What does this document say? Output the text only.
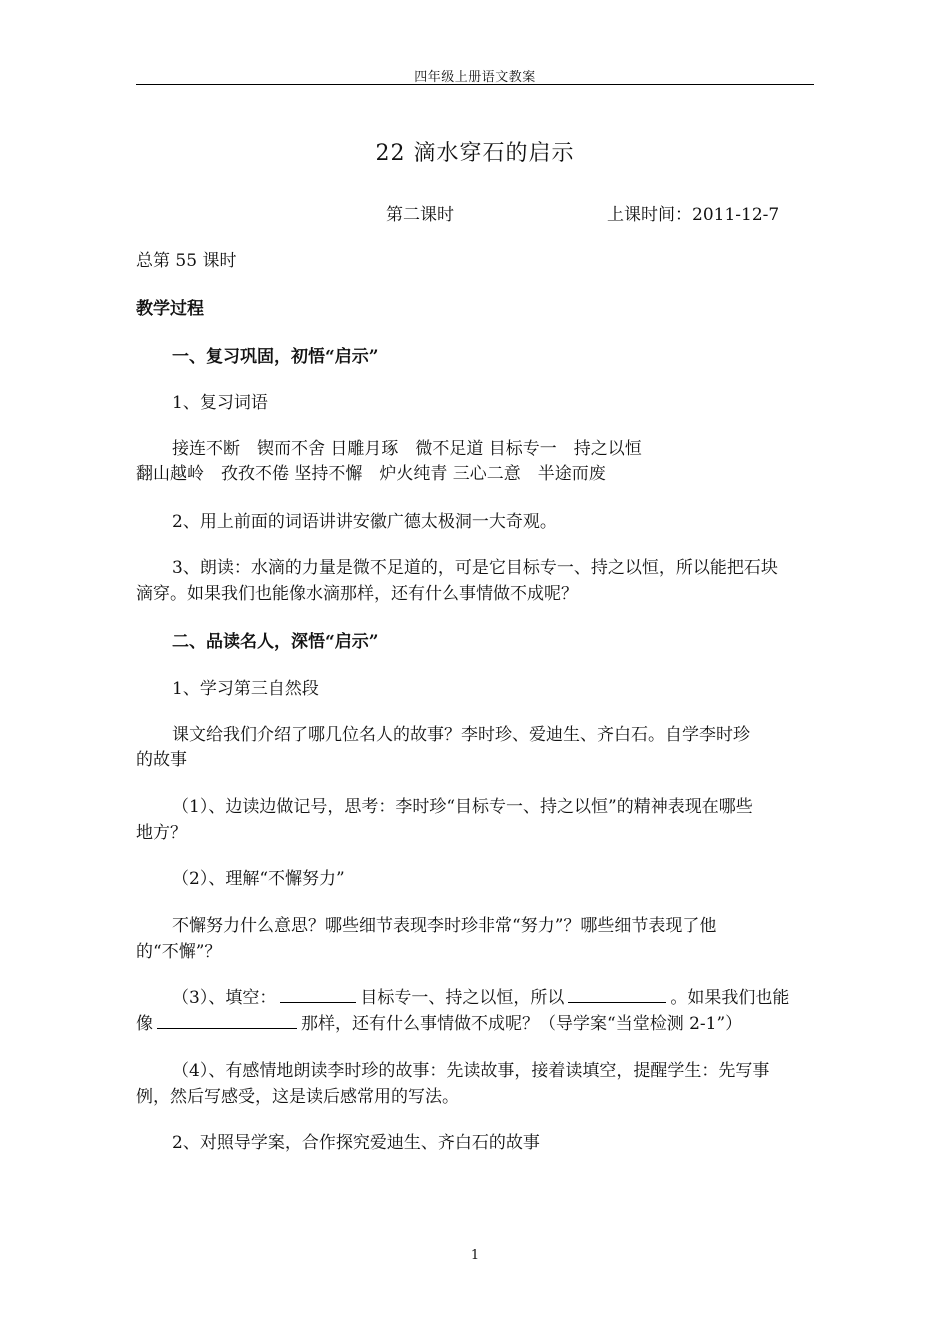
四年级上册语文教案
22 滴水穿石的启示
第二课时	上课时间：2011-12-7
总第 55 课时
教学过程
一、复习巩固，初悟“启示”
1、复习词语
接连不断　锲而不舍 日雕月琢　微不足道 目标专一　持之以恒
翻山越岭　孜孜不倦 坚持不懈　炉火纯青 三心二意　半途而废
2、用上前面的词语讲讲安徽广德太极洞一大奇观。
3、朗读：水滴的力量是微不足道的，可是它目标专一、持之以恒，所以能把石块
滴穿。如果我们也能像水滴那样，还有什么事情做不成呢？
二、品读名人，深悟“启示”
1、学习第三自然段
课文给我们介绍了哪几位名人的故事？李时珍、爱迪生、齐白石。自学李时珍
的故事
（1）、边读边做记号，思考：李时珍“目标专一、持之以恒”的精神表现在哪些
地方？
（2）、理解“不懈努力”
不懈努力什么意思？哪些细节表现李时珍非常“努力”？哪些细节表现了他
的“不懈”？
（3）、填空：	目标专一、持之以恒，所以	。如果我们也能
像	那样，还有什么事情做不成呢？（导学案“当堂检测 2-1”）
（4）、有感情地朗读李时珍的故事：先读故事，接着读填空，提醒学生：先写事
例，然后写感受，这是读后感常用的写法。
2、对照导学案，合作探究爱迪生、齐白石的故事
1
